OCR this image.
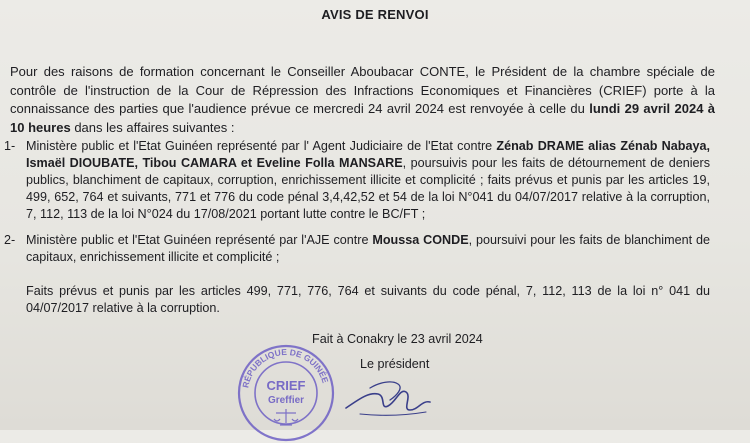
AVIS DE RENVOI
Pour des raisons de formation concernant le Conseiller Aboubacar CONTE, le Président de la chambre spéciale de contrôle de l'instruction de la Cour de Répression des Infractions Economiques et Financières (CRIEF) porte à la connaissance des parties que l'audience prévue ce mercredi 24 avril 2024 est renvoyée à celle du lundi 29 avril 2024 à 10 heures dans les affaires suivantes :
1- Ministère public et l'Etat Guinéen représenté par l' Agent Judiciaire de l'Etat contre Zénab DRAME alias Zénab Nabaya, Ismaël DIOUBATE, Tibou CAMARA et Eveline Folla MANSARE, poursuivis pour les faits de détournement de deniers publics, blanchiment de capitaux, corruption, enrichissement illicite et complicité ; faits prévus et punis par les articles 19, 499, 652, 764 et suivants, 771 et 776 du code pénal 3,4,42,52 et 54 de la loi N°041 du 04/07/2017 relative à la corruption, 7, 112, 113 de la loi N°024 du 17/08/2021 portant lutte contre le BC/FT ;
2- Ministère public et l'Etat Guinéen représenté par l'AJE contre Moussa CONDE, poursuivi pour les faits de blanchiment de capitaux, enrichissement illicite et complicité ;
Faits prévus et punis par les articles 499, 771, 776, 764 et suivants du code pénal, 7, 112, 113 de la loi n° 041 du 04/07/2017 relative à la corruption.
Fait à Conakry le 23 avril 2024
Le président
RÉPUBLIQUE DE GUINÉE
CRIEF
Greffier
